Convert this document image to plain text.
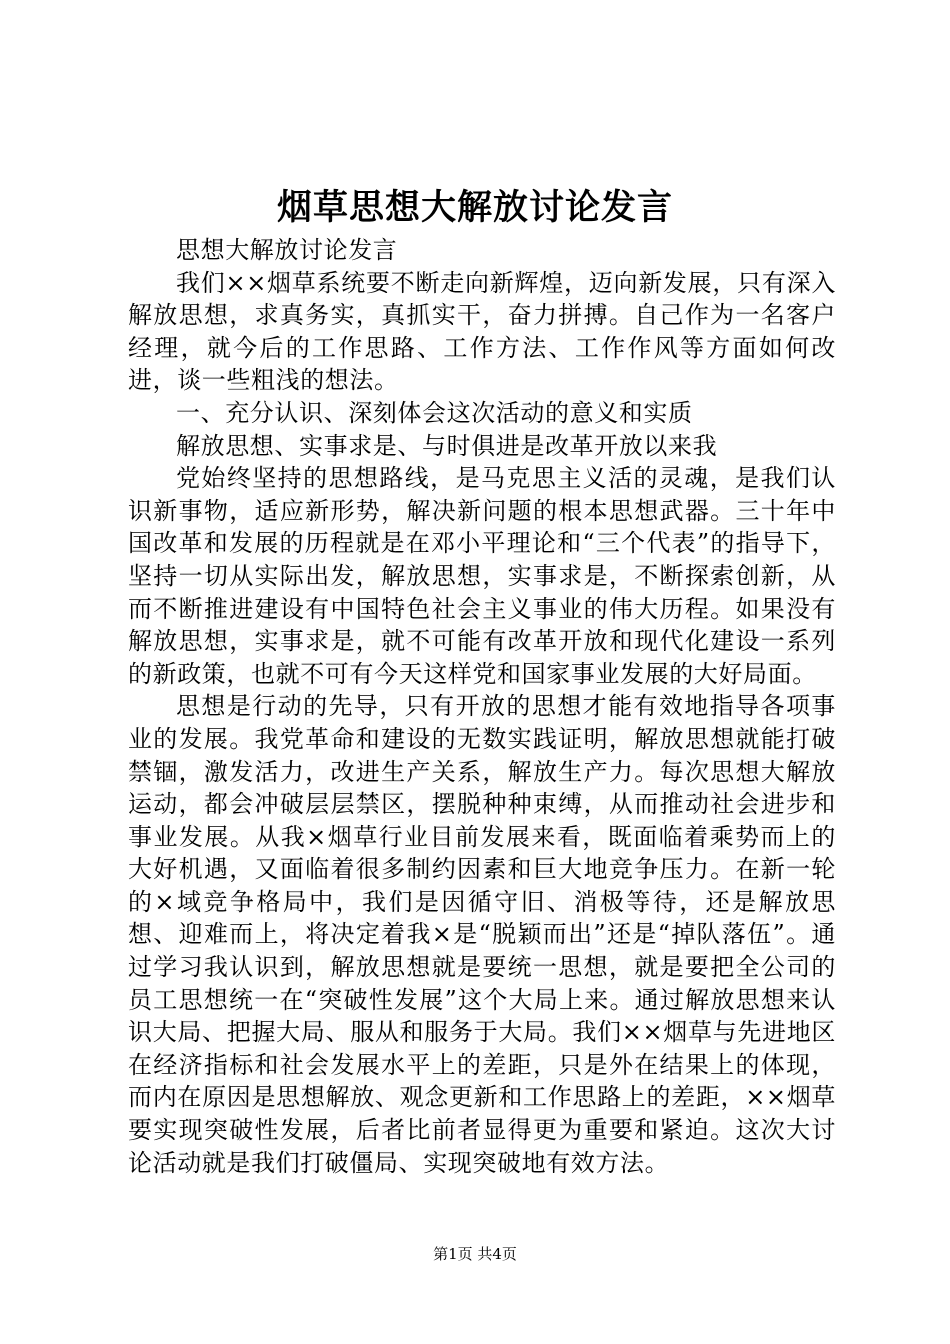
烟草思想大解放讨论发言

思想大解放讨论发言

我们××烟草系统要不断走向新辉煌，迈向新发展，只有深入解放思想，求真务实，真抓实干，奋力拼搏。自己作为一名客户经理，就今后的工作思路、工作方法、工作作风等方面如何改进，谈一些粗浅的想法。

一、充分认识、深刻体会这次活动的意义和实质

解放思想、实事求是、与时俱进是改革开放以来我

党始终坚持的思想路线，是马克思主义活的灵魂，是我们认识新事物，适应新形势，解决新问题的根本思想武器。三十年中国改革和发展的历程就是在邓小平理论和“三个代表”的指导下，坚持一切从实际出发，解放思想，实事求是，不断探索创新，从而不断推进建设有中国特色社会主义事业的伟大历程。如果没有解放思想，实事求是，就不可能有改革开放和现代化建设一系列的新政策，也就不可有今天这样党和国家事业发展的大好局面。

思想是行动的先导，只有开放的思想才能有效地指导各项事业的发展。我党革命和建设的无数实践证明，解放思想就能打破禁锢，激发活力，改进生产关系，解放生产力。每次思想大解放运动，都会冲破层层禁区，摆脱种种束缚，从而推动社会进步和事业发展。从我×烟草行业目前发展来看，既面临着乘势而上的大好机遇，又面临着很多制约因素和巨大地竞争压力。在新一轮的×域竞争格局中，我们是因循守旧、消极等待，还是解放思想、迎难而上，将决定着我×是“脱颖而出”还是“掉队落伍”。通过学习我认识到，解放思想就是要统一思想，就是要把全公司的员工思想统一在“突破性发展”这个大局上来。通过解放思想来认识大局、把握大局、服从和服务于大局。我们××烟草与先进地区在经济指标和社会发展水平上的差距，只是外在结果上的体现，而内在原因是思想解放、观念更新和工作思路上的差距，××烟草要实现突破性发展，后者比前者显得更为重要和紧迫。这次大讨论活动就是我们打破僵局、实现突破地有效方法。

第1页 共4页
